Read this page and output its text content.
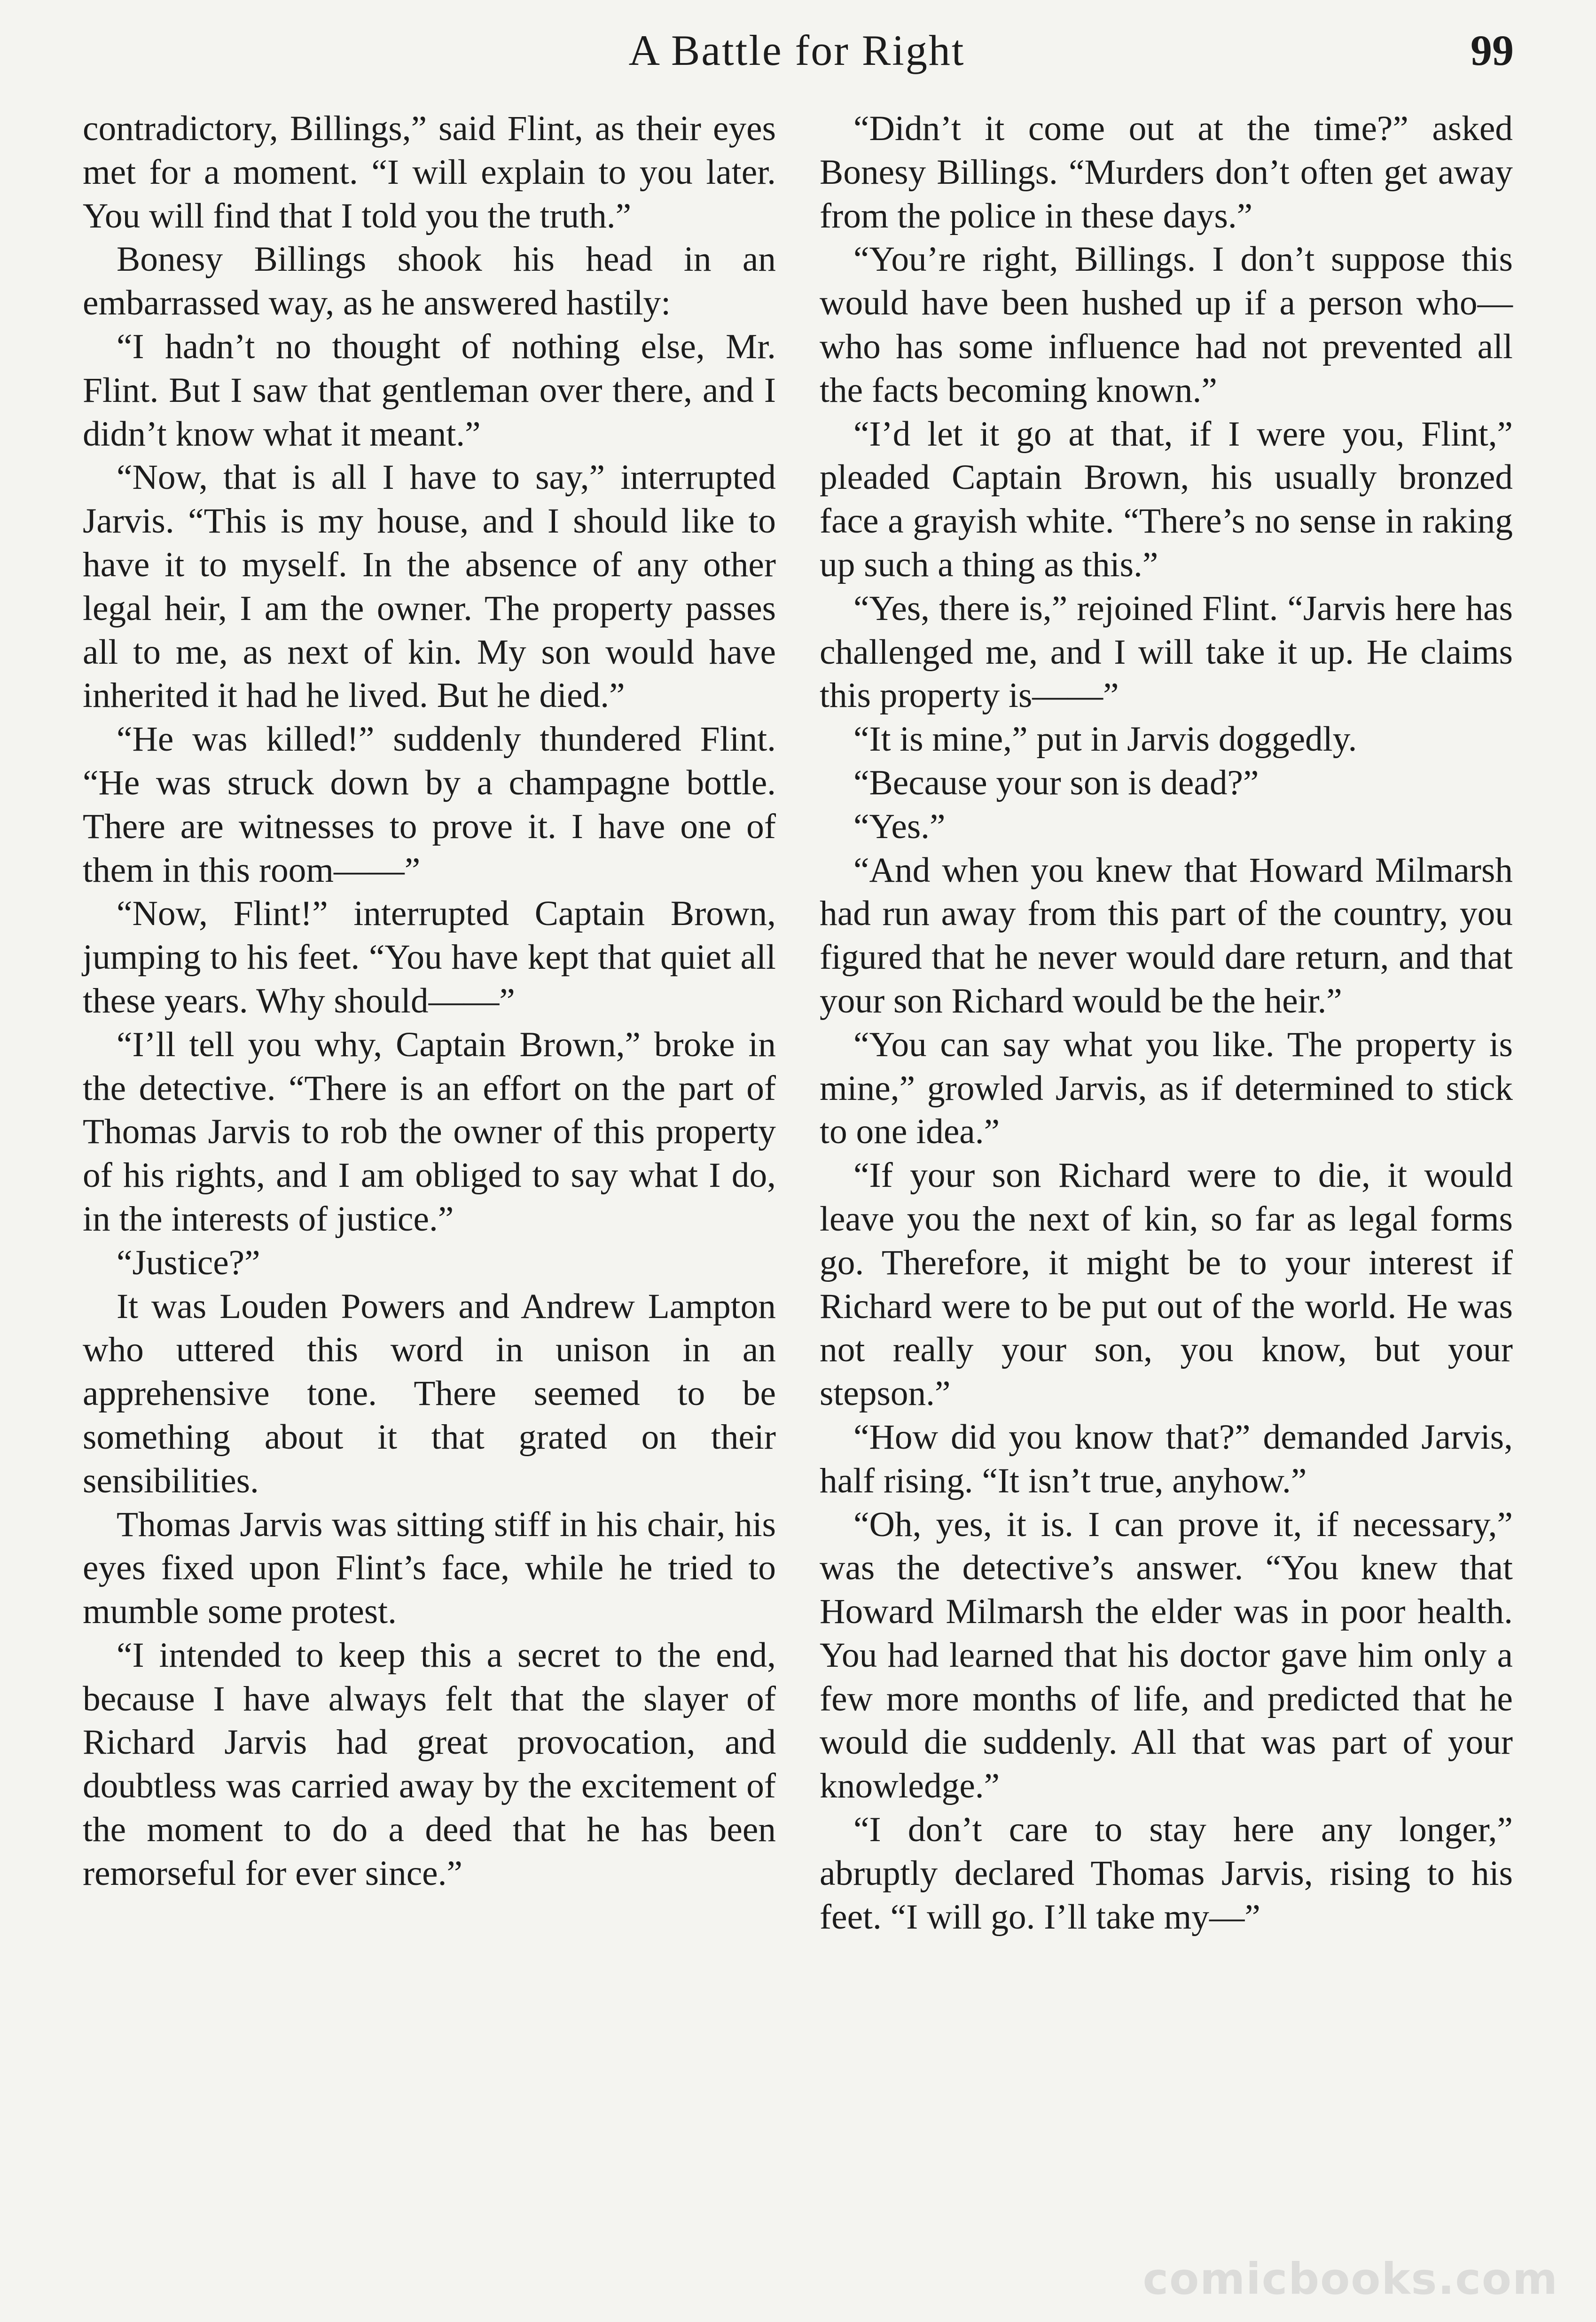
A Battle for Right	99

contradictory, Billings,” said Flint, as their eyes met for a moment. “I will explain to you later. You will find that I told you the truth.”

Bonesy Billings shook his head in an embarrassed way, as he answered hastily:

“I hadn’t no thought of nothing else, Mr. Flint. But I saw that gentleman over there, and I didn’t know what it meant.”

“Now, that is all I have to say,” interrupted Jarvis. “This is my house, and I should like to have it to myself. In the absence of any other legal heir, I am the owner. The property passes all to me, as next of kin. My son would have inherited it had he lived. But he died.”

“He was killed!” suddenly thundered Flint. “He was struck down by a champagne bottle. There are witnesses to prove it. I have one of them in this room——”

“Now, Flint!” interrupted Captain Brown, jumping to his feet. “You have kept that quiet all these years. Why should——”

“I’ll tell you why, Captain Brown,” broke in the detective. “There is an effort on the part of Thomas Jarvis to rob the owner of this property of his rights, and I am obliged to say what I do, in the interests of justice.”

“Justice?”

It was Louden Powers and Andrew Lampton who uttered this word in unison in an apprehensive tone. There seemed to be something about it that grated on their sensibilities.

Thomas Jarvis was sitting stiff in his chair, his eyes fixed upon Flint’s face, while he tried to mumble some protest.

“I intended to keep this a secret to the end, because I have always felt that the slayer of Richard Jarvis had great provocation, and doubtless was carried away by the excitement of the moment to do a deed that he has been remorseful for ever since.”

“Didn’t it come out at the time?” asked Bonesy Billings. “Murders don’t often get away from the police in these days.”

“You’re right, Billings. I don’t suppose this would have been hushed up if a person who—who has some influence had not prevented all the facts becoming known.”

“I’d let it go at that, if I were you, Flint,” pleaded Captain Brown, his usually bronzed face a grayish white. “There’s no sense in raking up such a thing as this.”

“Yes, there is,” rejoined Flint. “Jarvis here has challenged me, and I will take it up. He claims this property is——”

“It is mine,” put in Jarvis doggedly.

“Because your son is dead?”

“Yes.”

“And when you knew that Howard Milmarsh had run away from this part of the country, you figured that he never would dare return, and that your son Richard would be the heir.”

“You can say what you like. The property is mine,” growled Jarvis, as if determined to stick to one idea.”

“If your son Richard were to die, it would leave you the next of kin, so far as legal forms go. Therefore, it might be to your interest if Richard were to be put out of the world. He was not really your son, you know, but your stepson.”

“How did you know that?” demanded Jarvis, half rising. “It isn’t true, anyhow.”

“Oh, yes, it is. I can prove it, if necessary,” was the detective’s answer. “You knew that Howard Milmarsh the elder was in poor health. You had learned that his doctor gave him only a few more months of life, and predicted that he would die suddenly. All that was part of your knowledge.”

“I don’t care to stay here any longer,” abruptly declared Thomas Jarvis, rising to his feet. “I will go. I’ll take my—”

comicbooks.com
